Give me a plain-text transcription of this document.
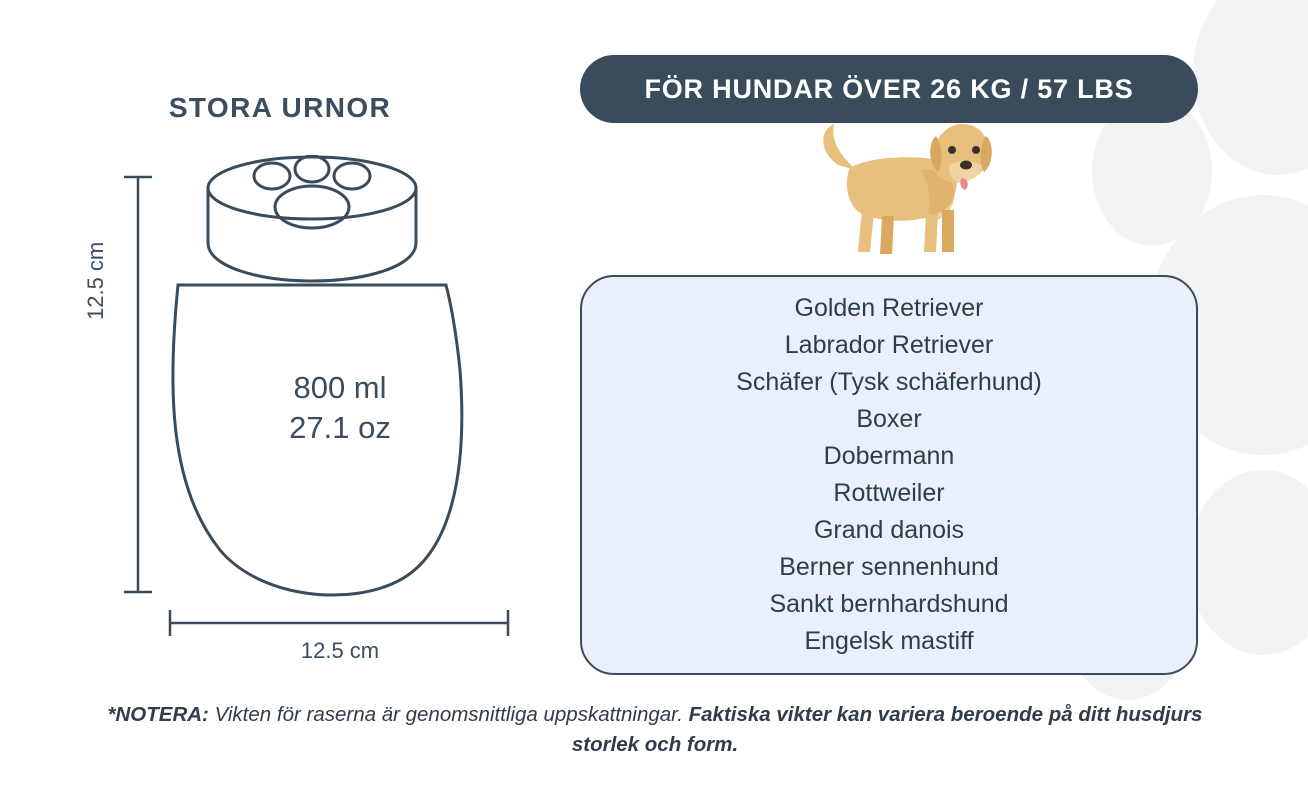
STORA URNOR
800 ml
27.1 oz
12.5 cm
12.5 cm
FÖR HUNDAR ÖVER 26 KG / 57 LBS
Golden Retriever
Labrador Retriever
Schäfer (Tysk schäferhund)
Boxer
Dobermann
Rottweiler
Grand danois
Berner sennenhund
Sankt bernhardshund
Engelsk mastiff
*NOTERA: Vikten för raserna är genomsnittliga uppskattningar. Faktiska vikter kan variera beroende på ditt husdjurs storlek och form.
